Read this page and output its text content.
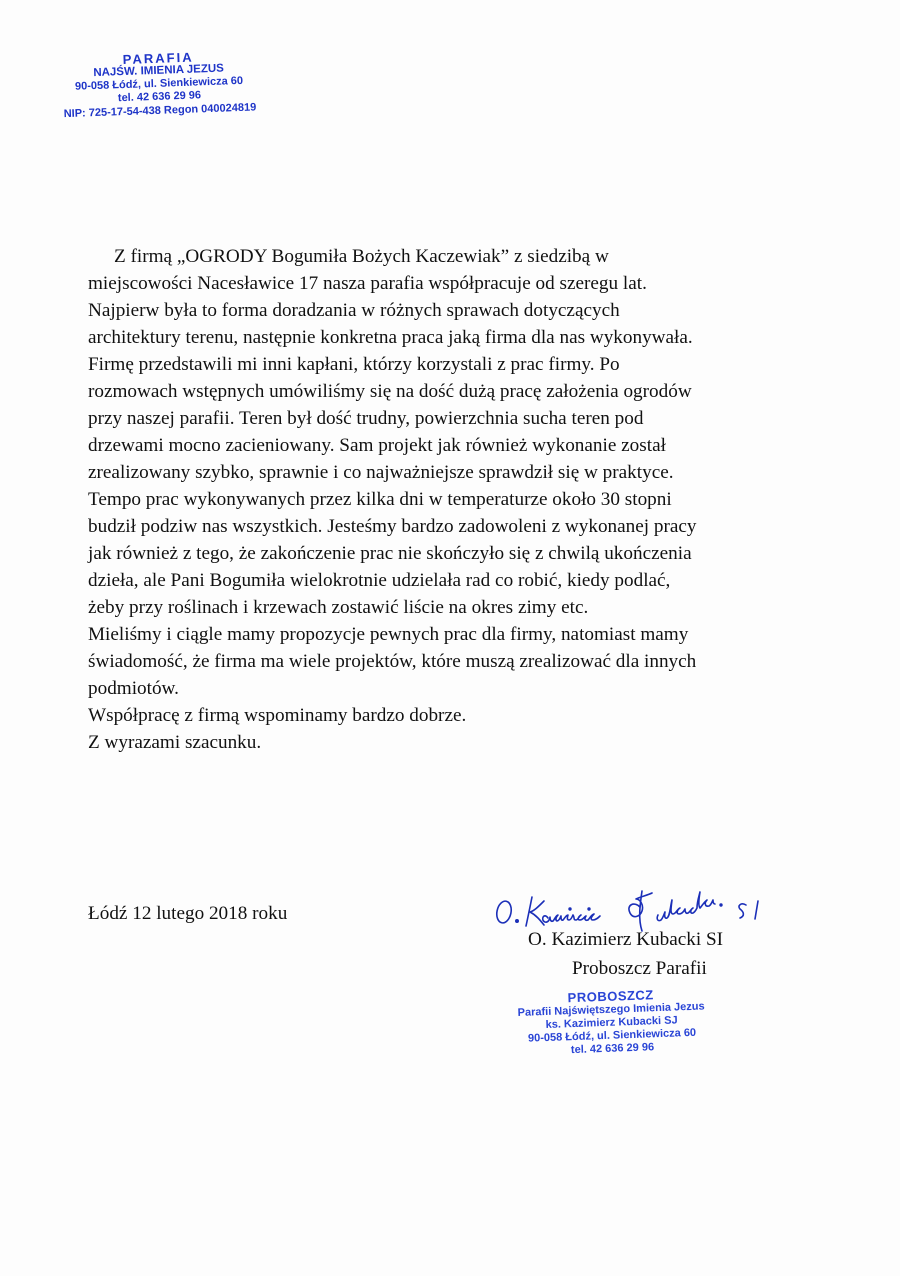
PARAFIA
NAJŚW. IMIENIA JEZUS
90-058 Łódź, ul. Sienkiewicza 60
tel. 42 636 29 96
NIP: 725-17-54-438 Regon 040024819

Z firmą „OGRODY Bogumiła Bożych Kaczewiak” z siedzibą w

miejscowości Nacesławice 17 nasza parafia współpracuje od szeregu lat.

Najpierw była to forma doradzania w różnych sprawach dotyczących

architektury terenu, następnie konkretna praca jaką firma dla nas wykonywała.

Firmę przedstawili mi inni kapłani, którzy korzystali z prac firmy. Po

rozmowach wstępnych umówiliśmy się na dość dużą pracę założenia ogrodów

przy naszej parafii. Teren był dość trudny, powierzchnia sucha teren pod

drzewami mocno zacieniowany. Sam projekt jak również wykonanie został

zrealizowany szybko, sprawnie i co najważniejsze sprawdził się w praktyce.

Tempo prac wykonywanych przez kilka dni w temperaturze około 30 stopni

budził podziw nas wszystkich. Jesteśmy bardzo zadowoleni z wykonanej pracy

jak również z tego, że zakończenie prac nie skończyło się z chwilą ukończenia

dzieła, ale Pani Bogumiła wielokrotnie udzielała rad co robić, kiedy podlać,

żeby przy roślinach i krzewach zostawić liście na okres zimy etc.

Mieliśmy i ciągle mamy propozycje pewnych prac dla firmy, natomiast mamy

świadomość, że firma ma wiele projektów, które muszą zrealizować dla innych

podmiotów.

Współpracę z firmą wspominamy bardzo dobrze.

Z wyrazami szacunku.

Łódź 12 lutego 2018 roku
O. Kazimierz Kubacki SI
Proboszcz Parafii
PROBOSZCZ
Parafii Najświętszego Imienia Jezus
ks. Kazimierz Kubacki SJ
90-058 Łódź, ul. Sienkiewicza 60
tel. 42 636 29 96
